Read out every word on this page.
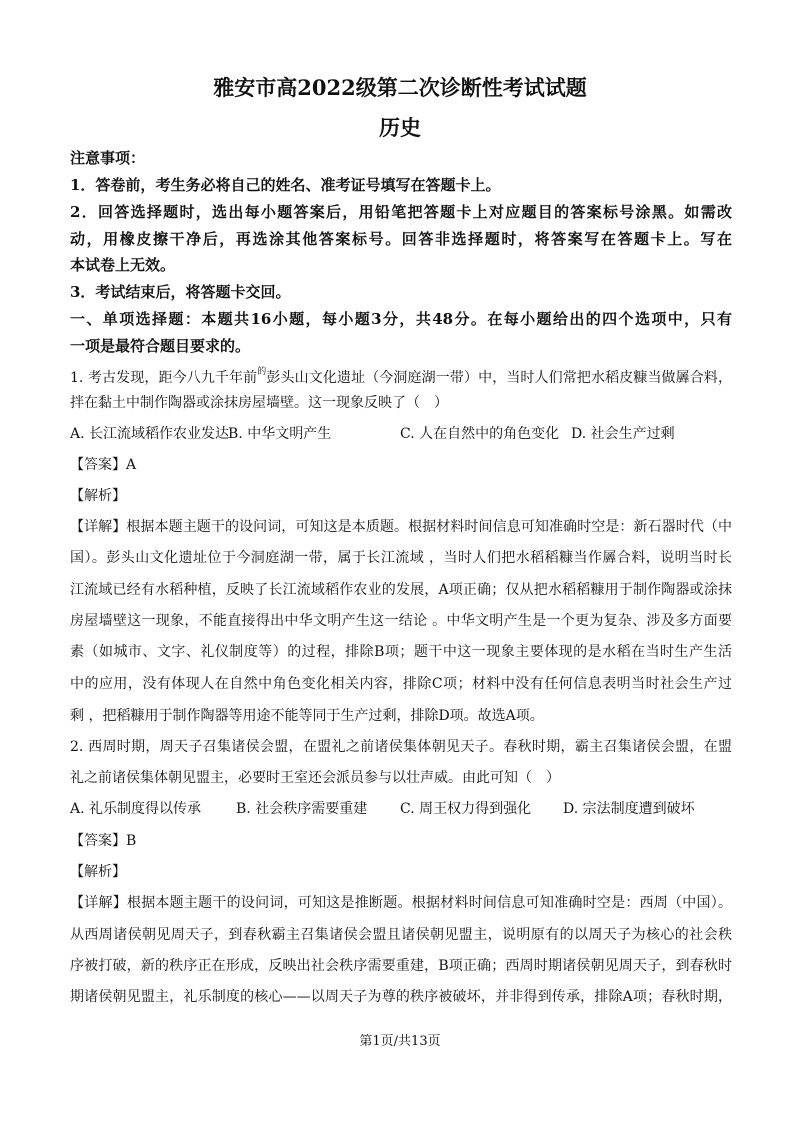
雅安市高2022级第二次诊断性考试试题
历史
注意事项：
1．答卷前，考生务必将自己的姓名、准考证号填写在答题卡上。
2．回答选择题时，选出每小题答案后，用铅笔把答题卡上对应题目的答案标号涂黑。如需改
动，用橡皮擦干净后，再选涂其他答案标号。回答非选择题时，将答案写在答题卡上。写在
本试卷上无效。
3．考试结束后，将答题卡交回。
一、单项选择题：本题共16小题，每小题3分，共48分。在每小题给出的四个选项中，只有
一项是最符合题目要求的。
1. 考古发现，距今八九千年前$^的$彭头山文化遗址（今洞庭湖一带）中，当时人们常把水稻皮糠当做羼合料，
拌在黏土中制作陶器或涂抹房屋墙壁。这一现象反映了（　）
A. 长江流域稻作农业发达
B. 中华文明产生	C. 人在自然中的角色变化 D. 社会生产过剩
【答案】A
【解析】
【详解】根据本题主题干的设问词，可知这是本质题。根据材料时间信息可知准确时空是：新石器时代（中
国）。彭头山文化遗址位于今洞庭湖一带，属于长江流域 ，当时人们把水稻稻糠当作羼合料，说明当时长
江流域已经有水稻种植，反映了长江流域稻作农业的发展，A项正确；仅从把水稻稻糠用于制作陶器或涂抹
房屋墙壁这一现象，不能直接得出中华文明产生这一结论 。中华文明产生是一个更为复杂、涉及多方面要
素（如城市、文字、礼仪制度等）的过程，排除B项；题干中这一现象主要体现的是水稻在当时生产生活
中的应用，没有体现人在自然中角色变化相关内容，排除C项；材料中没有任何信息表明当时社会生产过
剩 ，把稻糠用于制作陶器等用途不能等同于生产过剩，排除D项。故选A项。
2. 西周时期，周天子召集诸侯会盟，在盟礼之前诸侯集体朝见天子。春秋时期，霸主召集诸侯会盟，在盟
礼之前诸侯集体朝见盟主，必要时王室还会派员参与以壮声威。由此可知（　）
A. 礼乐制度得以传承 B. 社会秩序需要重建 C. 周王权力得到强化 D. 宗法制度遭到破坏
【答案】B
【解析】
【详解】根据本题主题干的设问词，可知这是推断题。根据材料时间信息可知准确时空是：西周（中国）。
从西周诸侯朝见周天子，到春秋霸主召集诸侯会盟且诸侯朝见盟主，说明原有的以周天子为核心的社会秩
序被打破，新的秩序正在形成，反映出社会秩序需要重建，B项正确；西周时期诸侯朝见周天子，到春秋时
期诸侯朝见盟主，礼乐制度的核心——以周天子为尊的秩序被破坏，并非得到传承，排除A项；春秋时期，
第1页/共13页
